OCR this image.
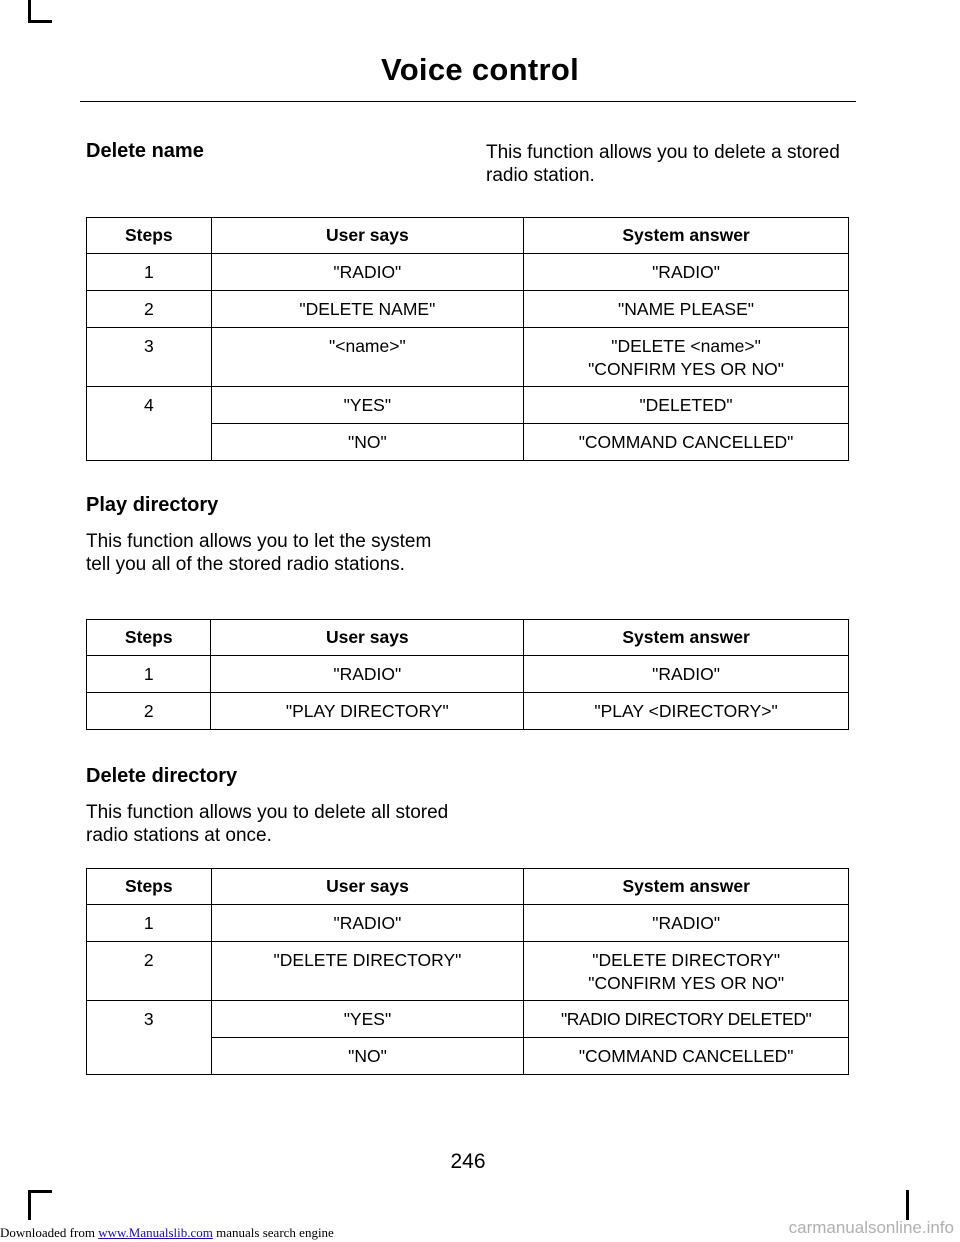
Voice control
Delete name	This function allows you to delete a stored radio station.
Steps	User says	System answer
1	"RADIO"	"RADIO"
2	"DELETE NAME"	"NAME PLEASE"
3	"<name>"	"DELETE <name>"
"CONFIRM YES OR NO"

4	"YES"	"DELETED"
	"NO"	"COMMAND CANCELLED"
Play directory
This function allows you to let the system tell you all of the stored radio stations.
Steps	User says	System answer
1	"RADIO"	"RADIO"
2	"PLAY DIRECTORY"	"PLAY <DIRECTORY>"
Delete directory
This function allows you to delete all stored radio stations at once.
Steps	User says	System answer
1	"RADIO"	"RADIO"
2	"DELETE DIRECTORY"	"DELETE DIRECTORY"
"CONFIRM YES OR NO"

3	"YES"	"RADIO DIRECTORY DELETED"
	"NO"	"COMMAND CANCELLED"
246
Downloaded from www.Manualslib.com manuals search engine	carmanualsonline.info
